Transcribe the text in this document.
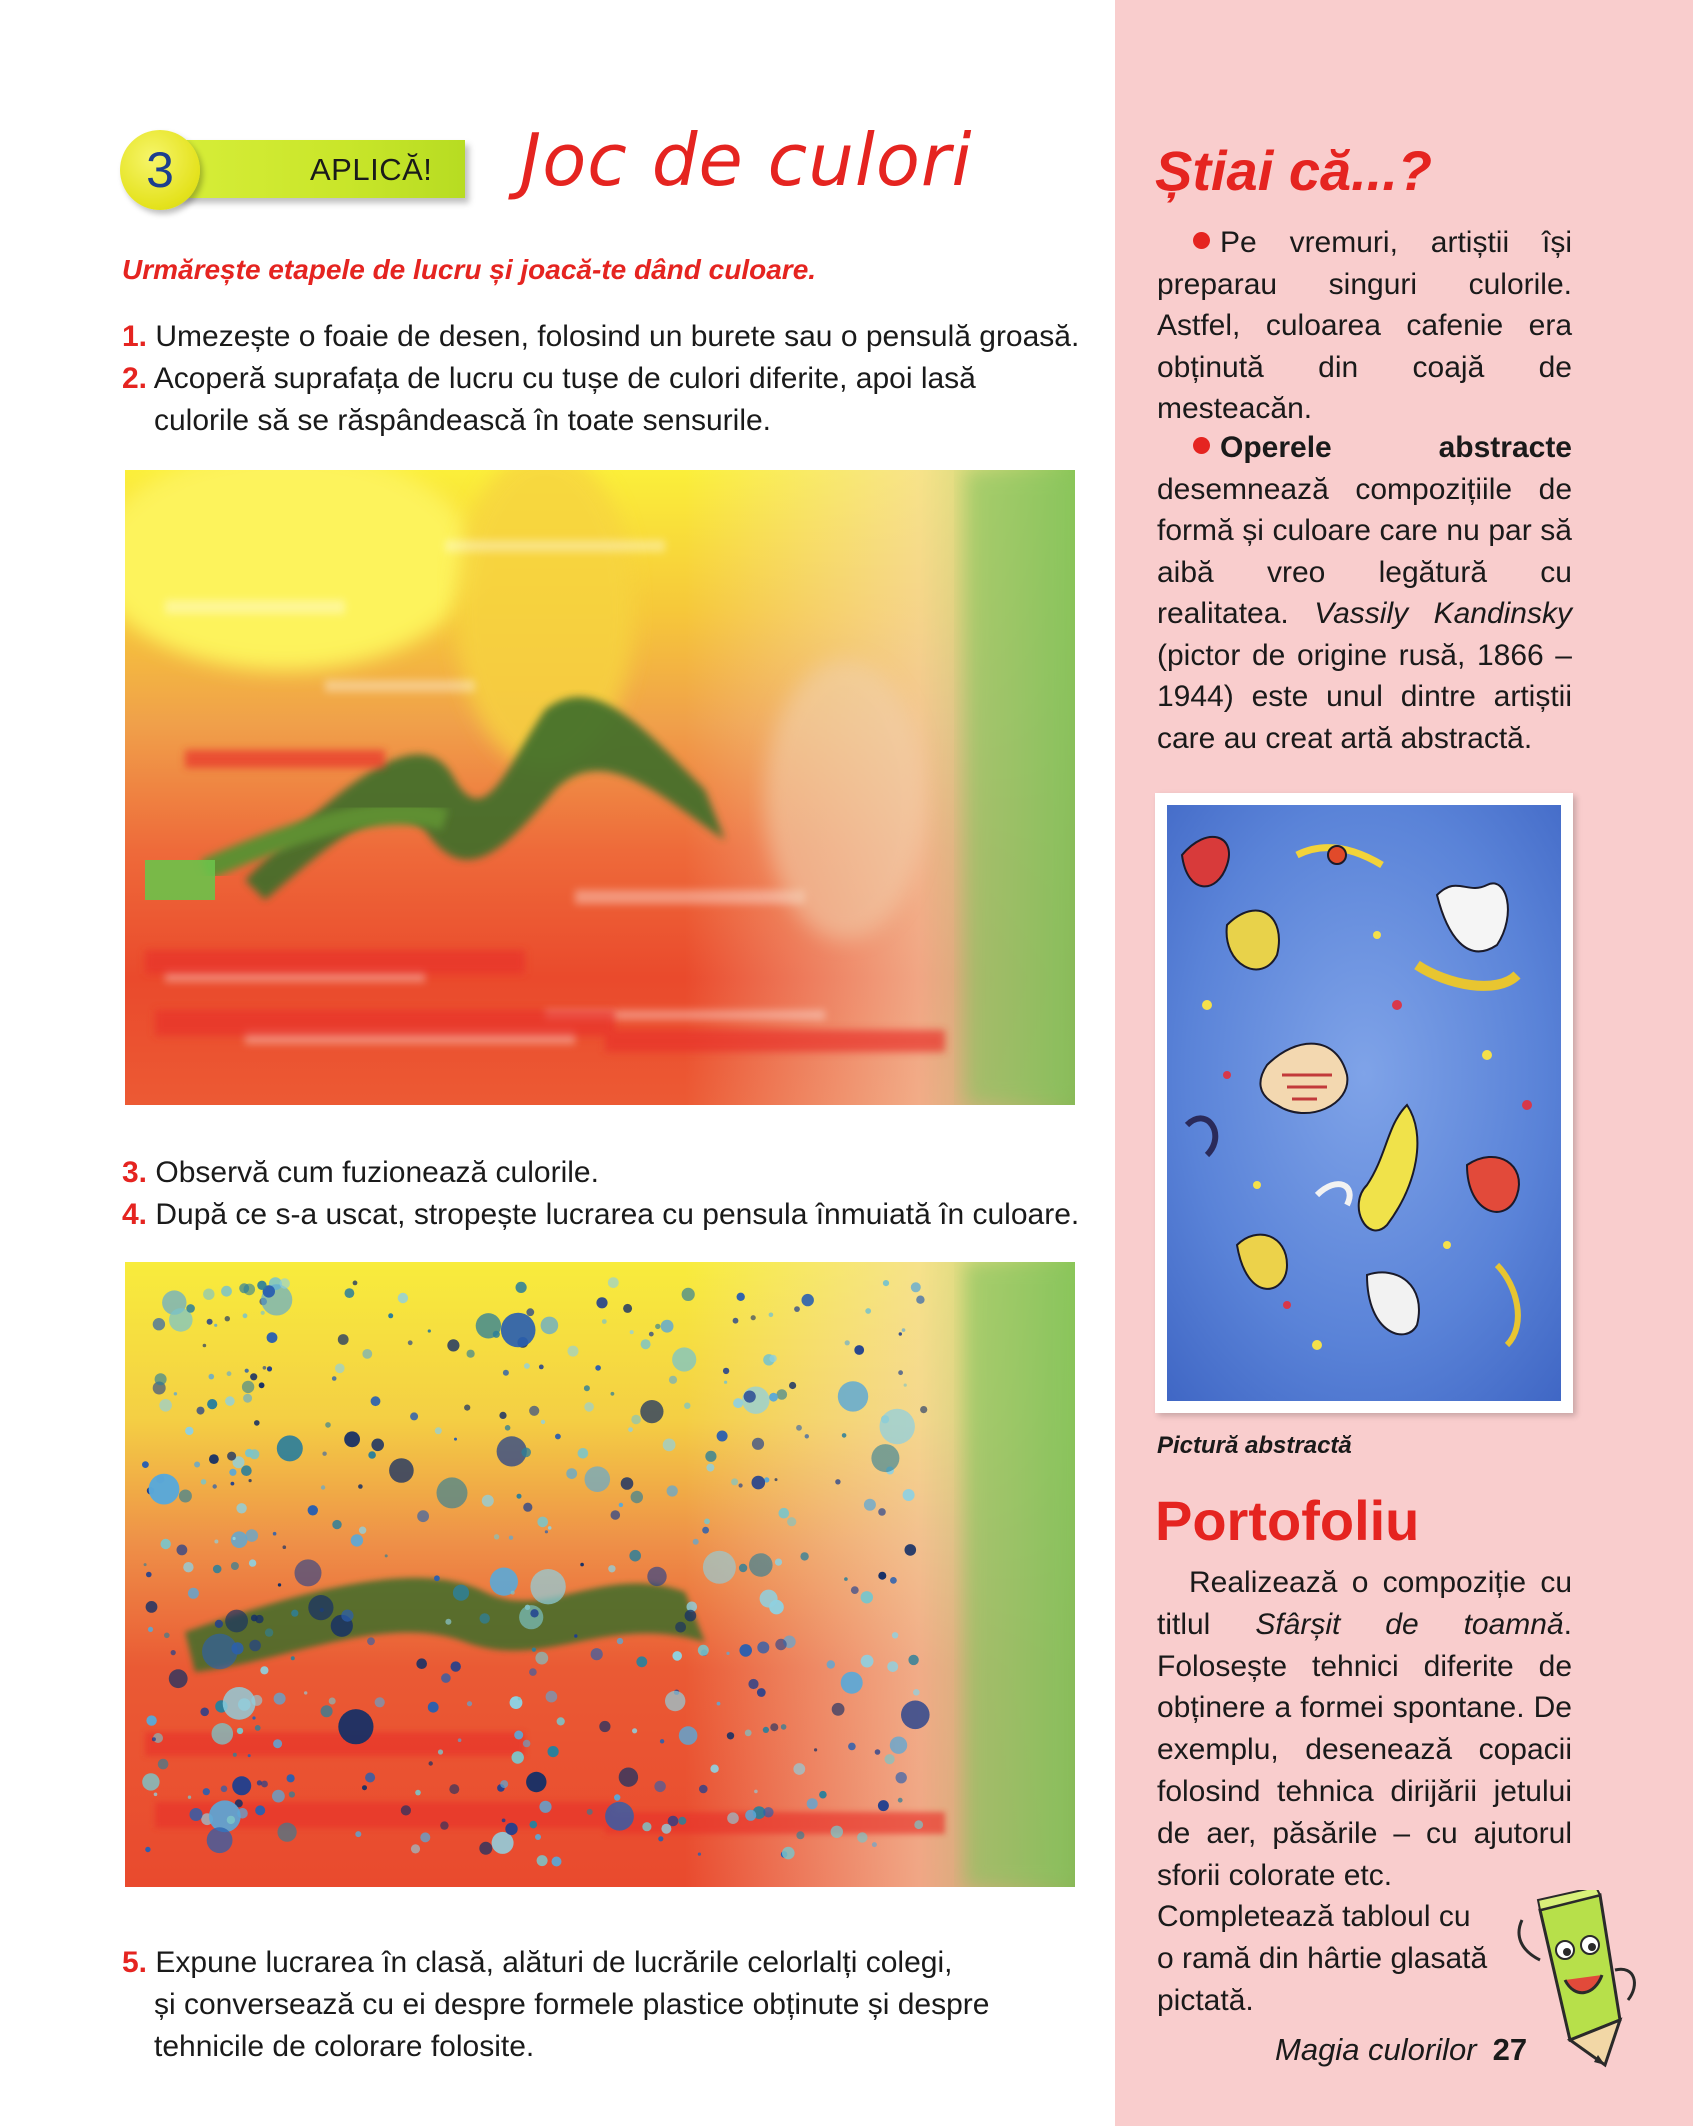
3	APLICĂ! Joc de culori
Urmărește etapele de lucru și joacă-te dând culoare.
1. Umezește o foaie de desen, folosind un burete sau o pensulă groasă.
2. Acoperă suprafața de lucru cu tușe de culori diferite, apoi lasă
culorile să se răspândească în toate sensurile.
3. Observă cum fuzionează culorile.
4. După ce s-a uscat, stropește lucrarea cu pensula înmuiată în culoare.
5. Expune lucrarea în clasă, alături de lucrările celorlalți colegi,
și conversează cu ei despre formele plastice obținute și despre
tehnicile de colorare folosite.
Știai că...?
Pe vremuri, artiștii își preparau singuri culorile. Astfel, culoarea cafenie era obținută din coajă de mesteacăn.
Operele abstracte desemnează compozițiile de formă și culoare care nu par să aibă vreo legătură cu realitatea. Vassily Kandinsky (pictor de origine rusă, 1866 – 1944) este unul dintre artiștii care au creat artă abstractă.
Pictură abstractă
Portofoliu
Realizează o compoziție cu titlul Sfârșit de toamnă. Folosește tehnici diferite de obținere a formei spontane. De exemplu, desenează copacii folosind tehnica dirijării jetului de aer, păsările – cu ajutorul sforii colorate etc.
Completează tabloul cu
o ramă din hârtie glasată
pictată.
Magia culorilor 27
